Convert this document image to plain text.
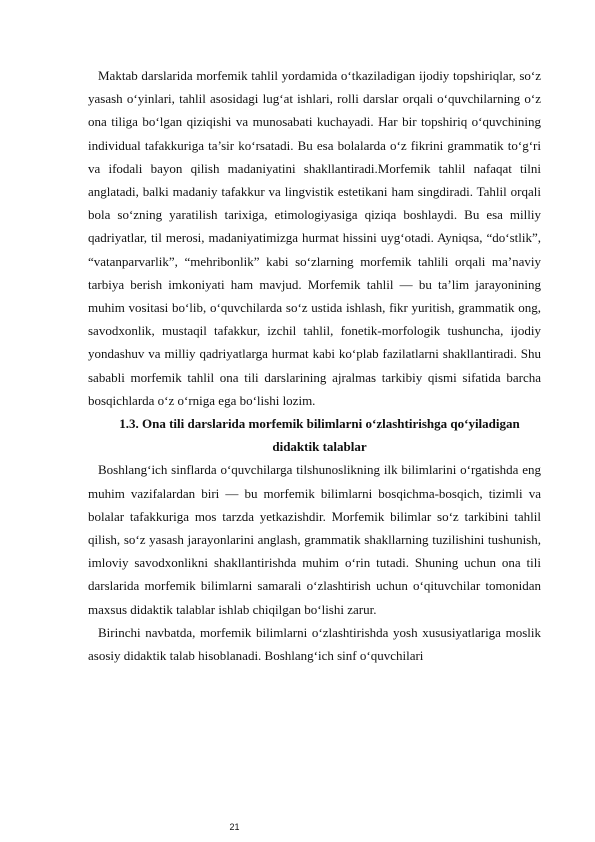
Maktab darslarida morfemik tahlil yordamida o‘tkaziladigan ijodiy topshiriqlar, so‘z yasash o‘yinlari, tahlil asosidagi lug‘at ishlari, rolli darslar orqali o‘quvchilarning o‘z ona tiliga bo‘lgan qiziqishi va munosabati kuchayadi. Har bir topshiriq o‘quvchining individual tafakkuriga ta’sir ko‘rsatadi. Bu esa bolalarda o‘z fikrini grammatik to‘g‘ri va ifodali bayon qilish madaniyatini shakllantiradi.Morfemik tahlil nafaqat tilni anglatadi, balki madaniy tafakkur va lingvistik estetikani ham singdiradi. Tahlil orqali bola so‘zning yaratilish tarixiga, etimologiyasiga qiziqa boshlaydi. Bu esa milliy qadriyatlar, til merosi, madaniyatimizga hurmat hissini uyg‘otadi. Ayniqsa, “do‘stlik”, “vatanparvarlik”, “mehribonlik” kabi so‘zlarning morfemik tahlili orqali ma’naviy tarbiya berish imkoniyati ham mavjud. Morfemik tahlil — bu ta’lim jarayonining muhim vositasi bo‘lib, o‘quvchilarda so‘z ustida ishlash, fikr yuritish, grammatik ong, savodxonlik, mustaqil tafakkur, izchil tahlil, fonetik-morfologik tushuncha, ijodiy yondashuv va milliy qadriyatlarga hurmat kabi ko‘plab fazilatlarni shakllantiradi. Shu sababli morfemik tahlil ona tili darslarining ajralmas tarkibiy qismi sifatida barcha bosqichlarda o‘z o‘rniga ega bo‘lishi lozim.

1.3. Ona tili darslarida morfemik bilimlarni o‘zlashtirishga qo‘yiladigan didaktik talablar

Boshlang‘ich sinflarda o‘quvchilarga tilshunoslikning ilk bilimlarini o‘rgatishda eng muhim vazifalardan biri — bu morfemik bilimlarni bosqichma-bosqich, tizimli va bolalar tafakkuriga mos tarzda yetkazishdir. Morfemik bilimlar so‘z tarkibini tahlil qilish, so‘z yasash jarayonlarini anglash, grammatik shakllarning tuzilishini tushunish, imloviy savodxonlikni shakllantirishda muhim o‘rin tutadi. Shuning uchun ona tili darslarida morfemik bilimlarni samarali o‘zlashtirish uchun o‘qituvchilar tomonidan maxsus didaktik talablar ishlab chiqilgan bo‘lishi zarur.

Birinchi navbatda, morfemik bilimlarni o‘zlashtirishda yosh xususiyatlariga moslik asosiy didaktik talab hisoblanadi. Boshlang‘ich sinf o‘quvchilari

21
